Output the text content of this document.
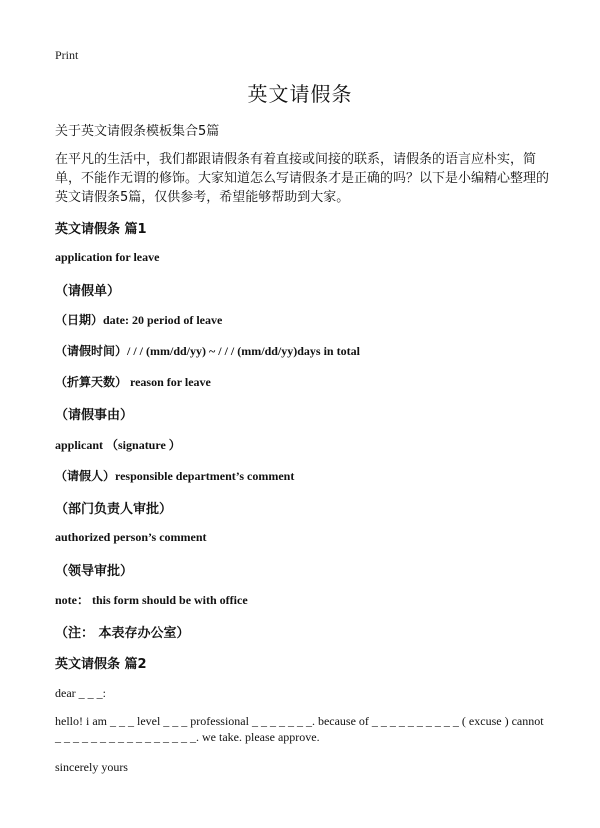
Print
英文请假条
关于英文请假条模板集合5篇

在平凡的生活中，我们都跟请假条有着直接或间接的联系，请假条的语言应朴实，简单，不能作无谓的修饰。大家知道怎么写请假条才是正确的吗？以下是小编精心整理的英文请假条5篇，仅供参考，希望能够帮助到大家。

英文请假条 篇1
application for leave
（请假单）
（日期）date: 20 period of leave
（请假时间）/ / / (mm/dd/yy) ~ / / / (mm/dd/yy)days in total
（折算天数） reason for leave
（请假事由）
applicant （signature ）
（请假人）responsible department’s comment
（部门负责人审批）
authorized person’s comment
（领导审批）
note： this form should be with office
（注： 本表存办公室）
英文请假条 篇2
dear _ _ _:

hello! i am _ _ _ level _ _ _ professional _ _ _ _ _ _ _. because of _ _ _ _ _ _ _ _ _ _ ( excuse ) cannot _ _ _ _ _ _ _ _ _ _ _ _ _ _ _ _. we take. please approve.

sincerely yours
